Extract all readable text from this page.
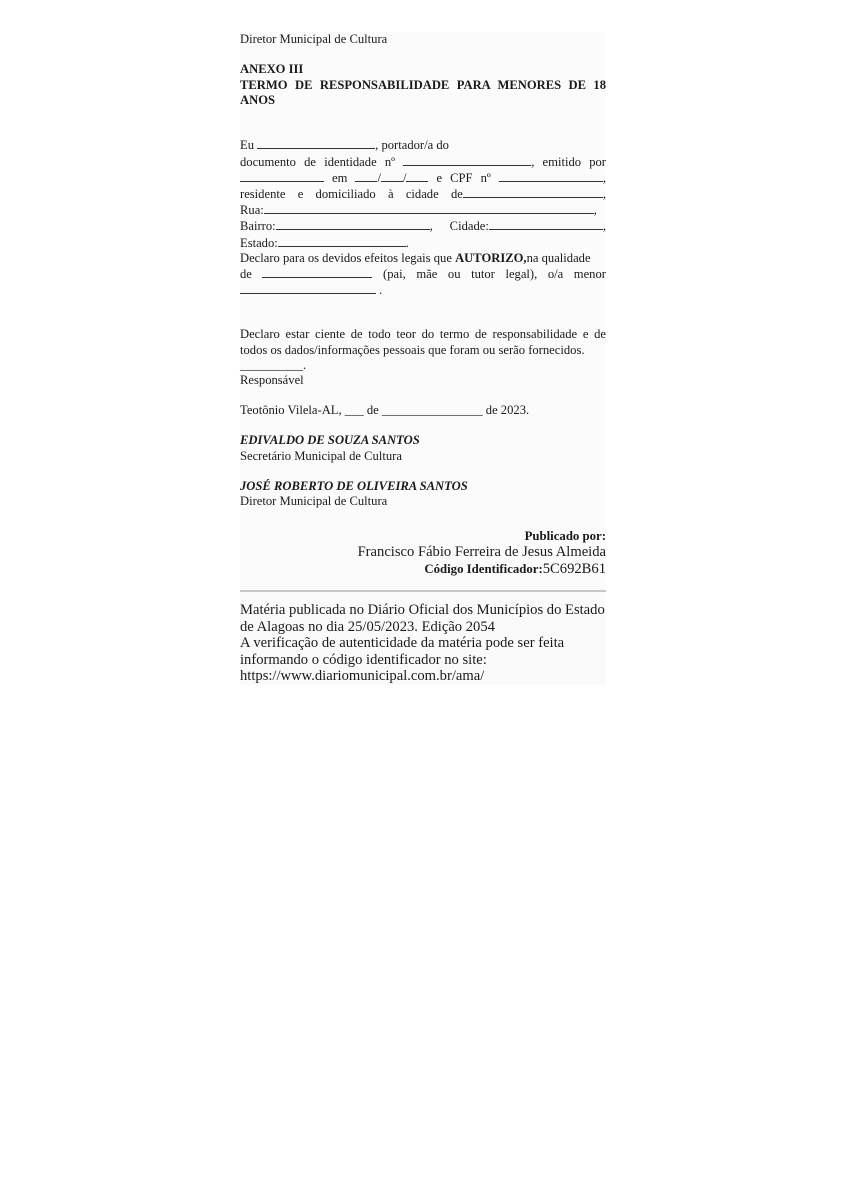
Diretor Municipal de Cultura

ANEXO III

TERMO DE RESPONSABILIDADE PARA MENORES DE 18 ANOS

Eu	, portador/a do

documento de identidade nº	, emitido por

em / / e CPF nº	,

residente e domiciliado à cidade de	,

Rua:	,

Bairro:	, Cidade:	,

Estado:	.

Declaro para os devidos efeitos legais que AUTORIZO,na qualidade

de	(pai, mãe ou tutor legal), o/a menor

.

Declaro estar ciente de todo teor do termo de responsabilidade e de todos os dados/informações pessoais que foram ou serão fornecidos.

__________.

Responsável

Teotônio Vilela-AL, ___ de ________________ de 2023.

EDIVALDO DE SOUZA SANTOS

Secretário Municipal de Cultura

JOSÉ ROBERTO DE OLIVEIRA SANTOS

Diretor Municipal de Cultura

Publicado por:

Francisco Fábio Ferreira de Jesus Almeida

Código Identificador:5C692B61

Matéria publicada no Diário Oficial dos Municípios do Estado de Alagoas no dia 25/05/2023. Edição 2054

A verificação de autenticidade da matéria pode ser feita informando o código identificador no site:

https://www.diariomunicipal.com.br/ama/
